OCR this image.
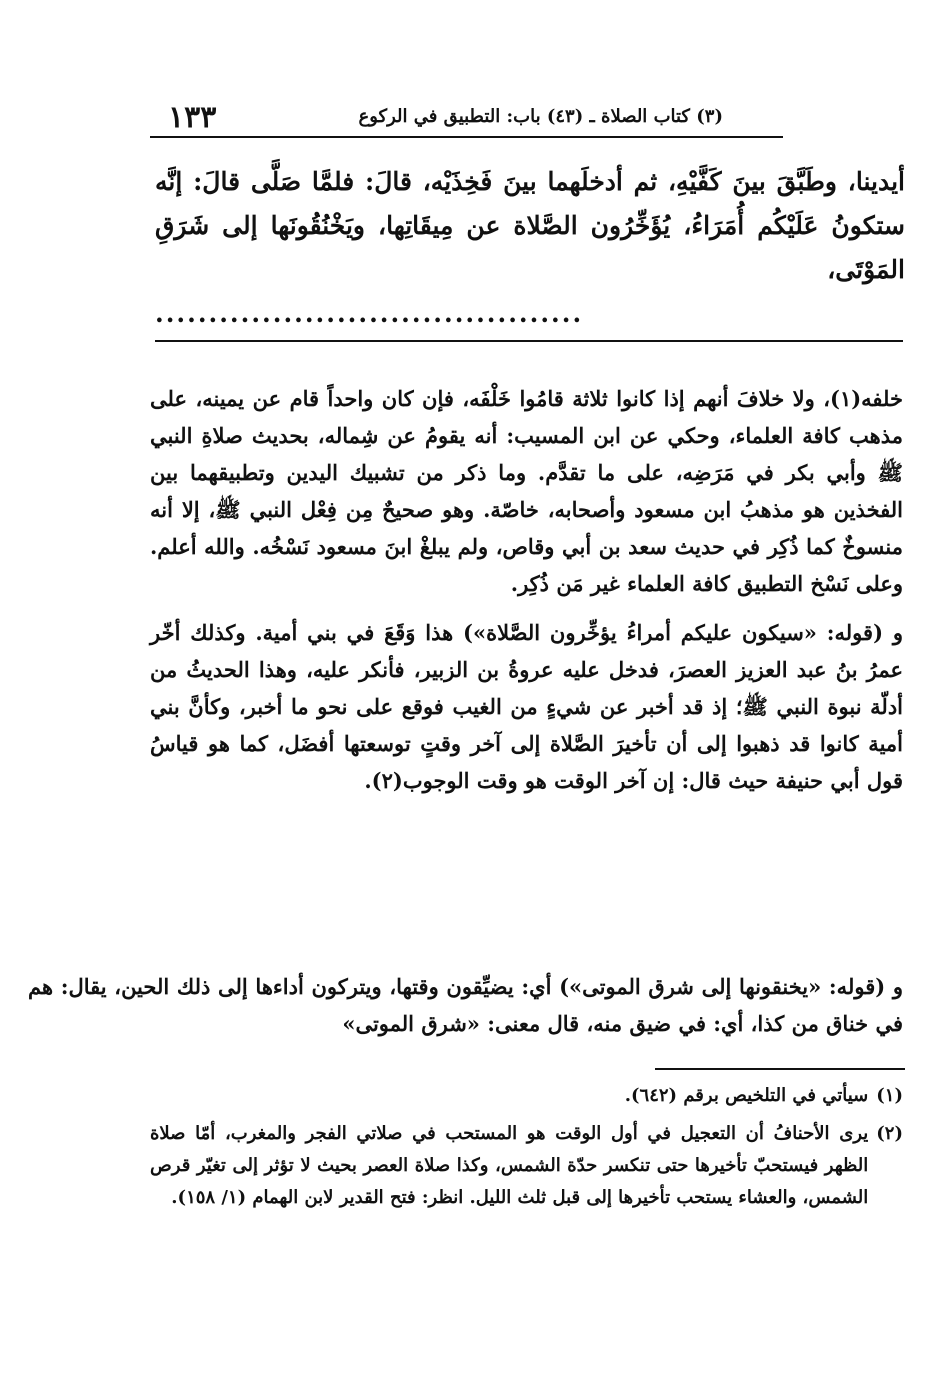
١٣٣	(٣) كتاب الصلاة ـ (٤٣) باب: التطبيق في الركوع

أيدينا، وطَبَّقَ بينَ كَفَّيْهِ، ثم أدخلَهما بينَ فَخِذَيْه، قالَ: فلمَّا صَلَّى قالَ: إنَّه ستكونُ عَلَيْكُم أُمَرَاءُ، يُؤَخِّرُون الصَّلاة عن مِيقَاتِها، ويَخْنُقُونَها إلى شَرَقِ المَوْتَى،

........................................

خلفه(١)، ولا خلافَ أنهم إذا كانوا ثلاثة قامُوا خَلْفَه، فإن كان واحداً قام عن يمينه، على مذهب كافة العلماء، وحكي عن ابن المسيب: أنه يقومُ عن شِماله، بحديث صلاةِ النبي ﷺ وأبي بكر في مَرَضِه، على ما تقدَّم. وما ذكر من تشبيك اليدين وتطبيقهما بين الفخذين هو مذهبُ ابن مسعود وأصحابه، خاصّة. وهو صحيحٌ مِن فِعْل النبي ﷺ، إلا أنه منسوخٌ كما ذُكِر في حديث سعد بن أبي وقاص، ولم يبلغْ ابنَ مسعود نَسْخُه. والله أعلم. وعلى نَسْخ التطبيق كافة العلماء غير مَن ذُكِر.

و (قوله: «سيكون عليكم أمراءُ يؤخِّرون الصَّلاة») هذا وَقَعَ في بني أمية. وكذلك أخّر عمرُ بنُ عبد العزيز العصرَ، فدخل عليه عروةُ بن الزبير، فأنكر عليه، وهذا الحديثُ من أدلّة نبوة النبي ﷺ؛ إذ قد أخبر عن شيءٍ من الغيب فوقع على نحو ما أخبر، وكأنَّ بني أمية كانوا قد ذهبوا إلى أن تأخيرَ الصَّلاة إلى آخر وقتٍ توسعتها أفضَل، كما هو قياسُ قول أبي حنيفة حيث قال: إن آخر الوقت هو وقت الوجوب(٢).

و (قوله: «يخنقونها إلى شرق الموتى») أي: يضيِّقون وقتها، ويتركون أداءها إلى ذلك الحين، يقال: هم في خناق من كذا، أي: في ضيق منه، قال معنى: «شرق الموتى»

(١)
سيأتي في التلخيص برقم (٦٤٢).
(٢)
يرى الأحنافُ أن التعجيل في أول الوقت هو المستحب في صلاتي الفجر والمغرب، أمّا صلاة الظهر فيستحبّ تأخيرها حتى تنكسر حدّة الشمس، وكذا صلاة العصر بحيث لا تؤثر إلى تغيّر قرص الشمس، والعشاء يستحب تأخيرها إلى قبل ثلث الليل. انظر: فتح القدير لابن الهمام (١/ ١٥٨).
